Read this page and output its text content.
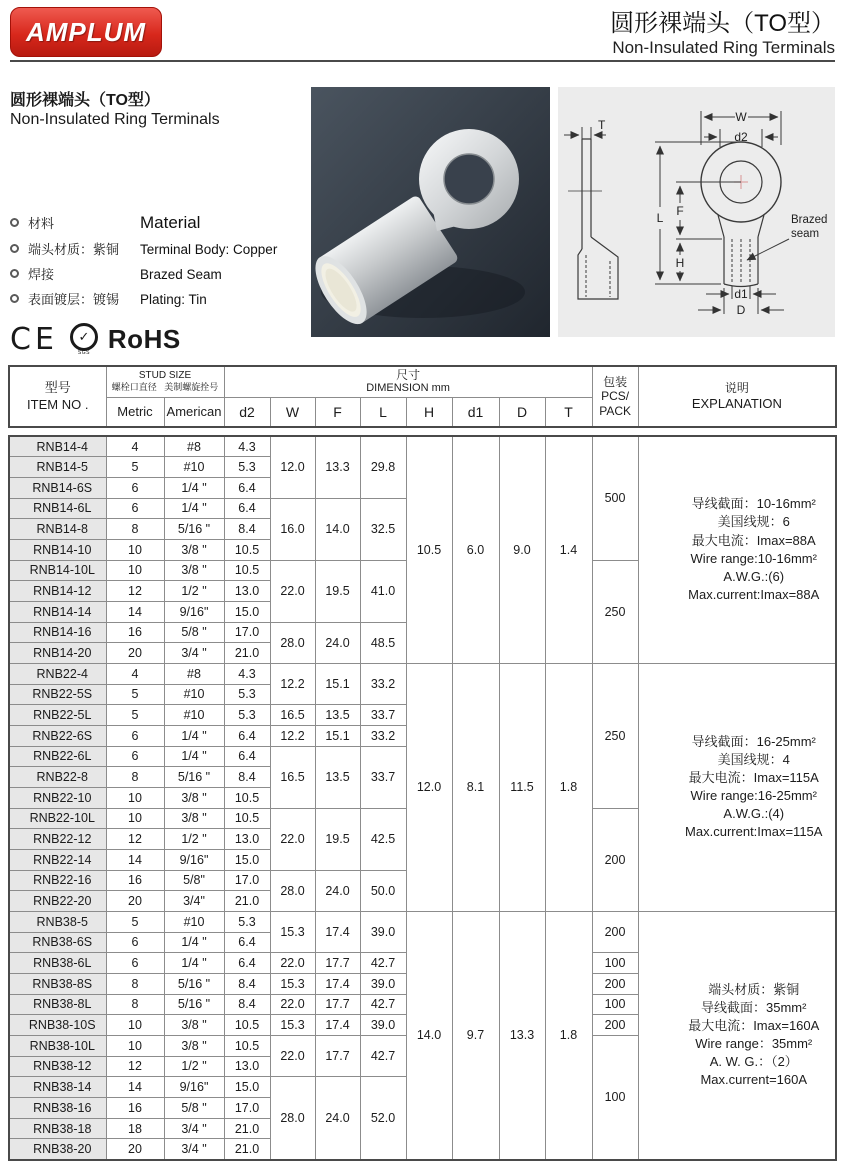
AMPLUM	圆形裸端头（TO型）
Non-Insulated Ring Terminals
圆形裸端头（TO型）
Non-Insulated Ring Terminals
材料	Material
端头材质：紫铜	Terminal Body: Copper
焊接	Brazed Seam
表面镀层：镀锡	Plating: Tin
CE	✓
SGS RoHS
T
W
d2
L F
H
d1
D
Brazed
seam
型号
ITEM NO .

STUD SIZE
螺栓口直径 美制螺旋拴号

尺寸
DIMENSION mm	包装
PCS/
PACK

说明
EXPLANATION

	Metric	American	d2	W	F	L	H	d1	D	T		
RNB14-4	4	#8	4.3	12.0	13.3	29.8	10.5	6.0	9.0	1.4	500	导线截面：10-16mm²
美国线规：6
最大电流：Imax=88A
Wire range:10-16mm²
A.W.G.:(6)
Max.current:Imax=88A

RNB14-5	5	#10	5.3									
RNB14-6S	6	1/4 "	6.4									
RNB14-6L	6	1/4 "	6.4	16.0	14.0	32.5						
RNB14-8	8	5/16 "	8.4									
RNB14-10	10	3/8 "	10.5									
RNB14-10L	10	3/8 "	10.5	22.0	19.5	41.0					250	
RNB14-12	12	1/2 "	13.0									
RNB14-14	14	9/16"	15.0									
RNB14-16	16	5/8 "	17.0	28.0	24.0	48.5						
RNB14-20	20	3/4 "	21.0									
RNB22-4	4	#8	4.3	12.2	15.1	33.2	12.0	8.1	11.5	1.8	250	导线截面：16-25mm²
美国线规：4
最大电流：Imax=115A
Wire range:16-25mm²
A.W.G.:(4)
Max.current:Imax=115A

RNB22-5S	5	#10	5.3									
RNB22-5L	5	#10	5.3	16.5	13.5	33.7						
RNB22-6S	6	1/4 "	6.4	12.2	15.1	33.2						
RNB22-6L	6	1/4 "	6.4	16.5	13.5	33.7						
RNB22-8	8	5/16 "	8.4									
RNB22-10	10	3/8 "	10.5									
RNB22-10L	10	3/8 "	10.5	22.0	19.5	42.5					200	
RNB22-12	12	1/2 "	13.0									
RNB22-14	14	9/16"	15.0									
RNB22-16	16	5/8"	17.0	28.0	24.0	50.0						
RNB22-20	20	3/4"	21.0									
RNB38-5	5	#10	5.3	15.3	17.4	39.0	14.0	9.7	13.3	1.8	200	
端头材质：紫铜
导线截面：35mm²
最大电流：Imax=160A
Wire range：35mm²
A. W. G.：（2）
Max.current=160A

RNB38-6S	6	1/4 "	6.4									
RNB38-6L	6	1/4 "	6.4	22.0	17.7	42.7					100	
RNB38-8S	8	5/16 "	8.4	15.3	17.4	39.0					200	
RNB38-8L	8	5/16 "	8.4	22.0	17.7	42.7					100	
RNB38-10S	10	3/8 "	10.5	15.3	17.4	39.0					200	
RNB38-10L	10	3/8 "	10.5	22.0	17.7	42.7					100	
RNB38-12	12	1/2 "	13.0									
RNB38-14	14	9/16"	15.0	28.0	24.0	52.0						
RNB38-16	16	5/8 "	17.0									
RNB38-18	18	3/4 "	21.0									
RNB38-20	20	3/4 "	21.0									
